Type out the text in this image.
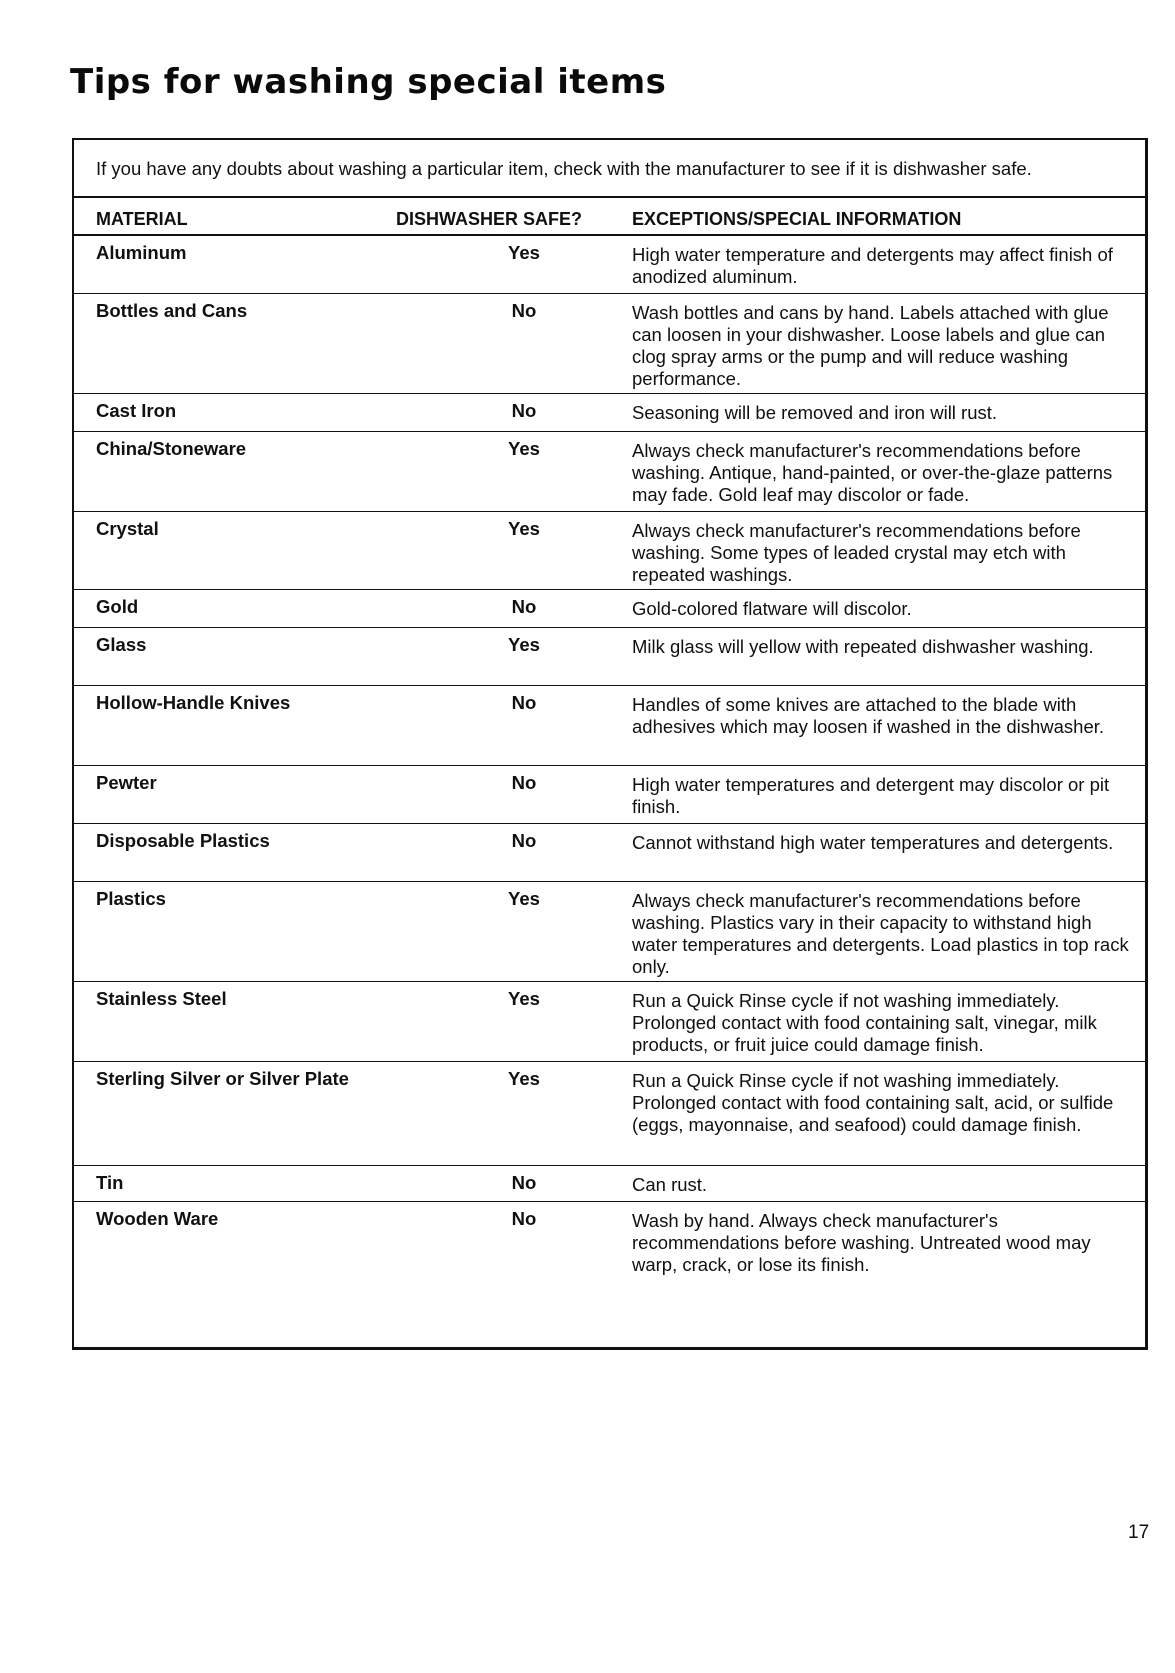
Tips for washing special items
If you have any doubts about washing a particular item, check with the manufacturer to see if it is dishwasher safe.
MATERIAL	DISHWASHER SAFE?	EXCEPTIONS/SPECIAL INFORMATION
Aluminum	Yes	High water temperature and detergents may affect finish of anodized aluminum.
Bottles and Cans	No	Wash bottles and cans by hand. Labels attached with glue can loosen in your dishwasher. Loose labels and glue can clog spray arms or the pump and will reduce washing performance.
Cast Iron	No	Seasoning will be removed and iron will rust.
China/Stoneware	Yes	Always check manufacturer's recommendations before washing. Antique, hand-painted, or over-the-glaze patterns may fade. Gold leaf may discolor or fade.
Crystal	Yes	Always check manufacturer's recommendations before washing. Some types of leaded crystal may etch with repeated washings.
Gold	No	Gold-colored flatware will discolor.
Glass	Yes	Milk glass will yellow with repeated dishwasher washing.
Hollow-Handle Knives	No	Handles of some knives are attached to the blade with adhesives which may loosen if washed in the dishwasher.
Pewter	No	High water temperatures and detergent may discolor or pit finish.
Disposable Plastics	No	Cannot withstand high water temperatures and detergents.
Plastics	Yes	Always check manufacturer's recommendations before washing. Plastics vary in their capacity to withstand high water temperatures and detergents. Load plastics in top rack only.
Stainless Steel	Yes	Run a Quick Rinse cycle if not washing immediately. Prolonged contact with food containing salt, vinegar, milk products, or fruit juice could damage finish.
Sterling Silver or Silver Plate	Yes	Run a Quick Rinse cycle if not washing immediately. Prolonged contact with food containing salt, acid, or sulfide (eggs, mayonnaise, and seafood) could damage finish.
Tin	No	Can rust.
Wooden Ware	No	Wash by hand. Always check manufacturer's recommendations before washing. Untreated wood may warp, crack, or lose its finish.
17
